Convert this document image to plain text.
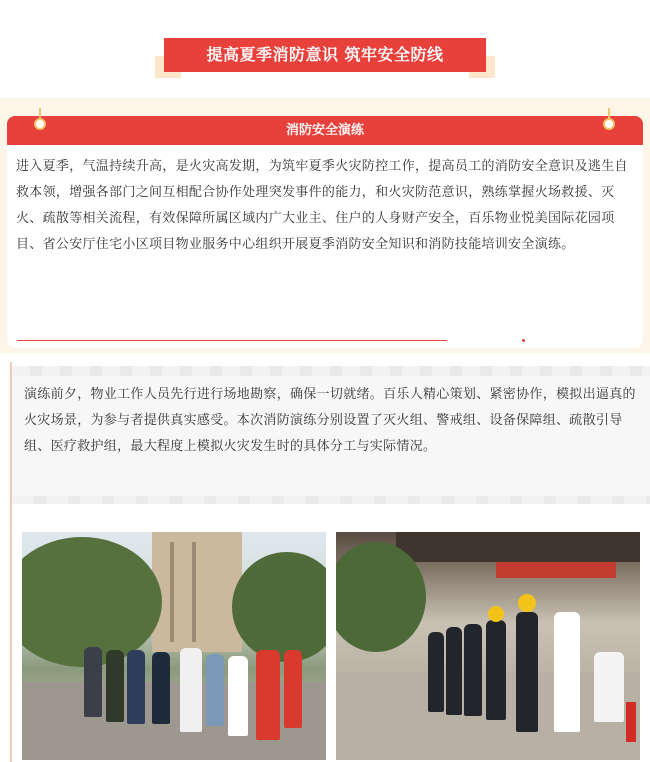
提高夏季消防意识 筑牢安全防线
消防安全演练
进入夏季，气温持续升高，是火灾高发期，为筑牢夏季火灾防控工作，提高员工的消防安全意识及逃生自救本领，增强各部门之间互相配合协作处理突发事件的能力，和火灾防范意识，熟练掌握火场救援、灭火、疏散等相关流程，有效保障所属区域内广大业主、住户的人身财产安全，百乐物业悦美国际花园项目、省公安厅住宅小区项目物业服务中心组织开展夏季消防安全知识和消防技能培训安全演练。
演练前夕，物业工作人员先行进行场地勘察，确保一切就绪。百乐人精心策划、紧密协作，模拟出逼真的火灾场景，为参与者提供真实感受。本次消防演练分别设置了灭火组、警戒组、设备保障组、疏散引导组、医疗救护组，最大程度上模拟火灾发生时的具体分工与实际情况。
